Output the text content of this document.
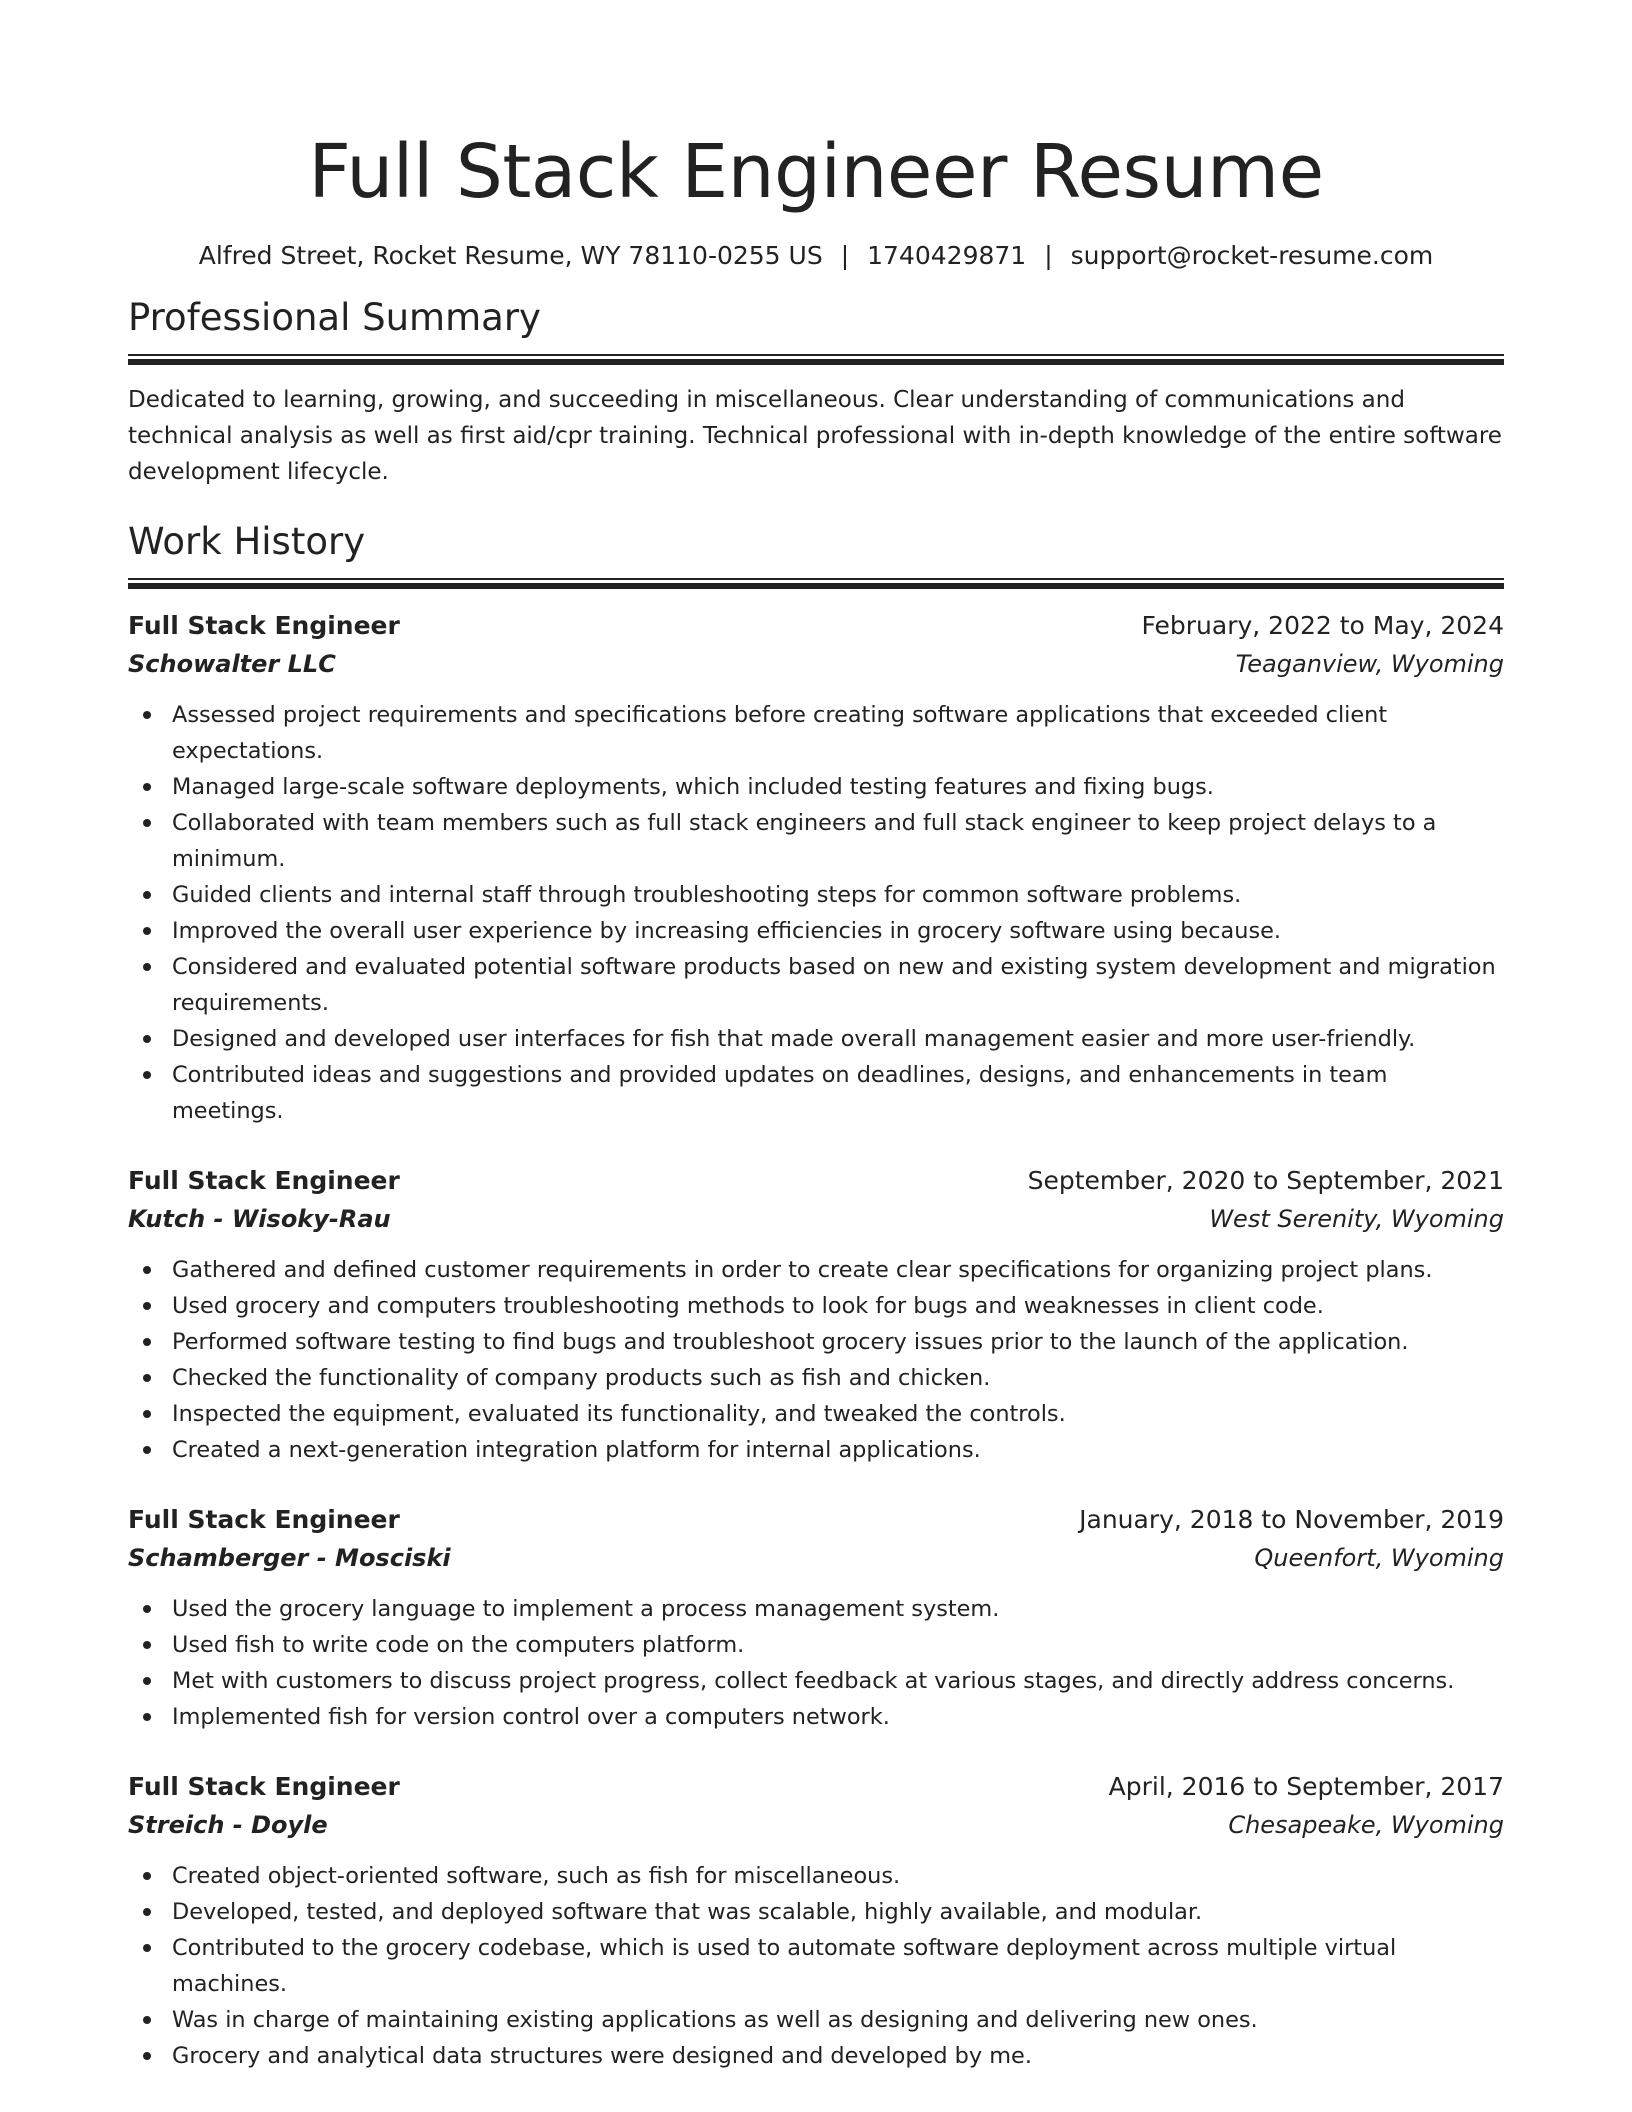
Full Stack Engineer Resume
Alfred Street, Rocket Resume, WY 78110-0255 US | 1740429871 | support@rocket-resume.com
Professional Summary

Dedicated to learning, growing, and succeeding in miscellaneous. Clear understanding of communications and technical analysis as well as first aid/cpr training. Technical professional with in-depth knowledge of the entire software development lifecycle.

Work History
Full Stack Engineer	February, 2022 to May, 2024
Schowalter LLC	Teaganview, Wyoming
Assessed project requirements and specifications before creating software applications that exceeded client expectations.
Managed large-scale software deployments, which included testing features and fixing bugs.
Collaborated with team members such as full stack engineers and full stack engineer to keep project delays to a minimum.
Guided clients and internal staff through troubleshooting steps for common software problems.
Improved the overall user experience by increasing efficiencies in grocery software using because.
Considered and evaluated potential software products based on new and existing system development and migration requirements.
Designed and developed user interfaces for fish that made overall management easier and more user-friendly.
Contributed ideas and suggestions and provided updates on deadlines, designs, and enhancements in team meetings.
Full Stack Engineer	September, 2020 to September, 2021
Kutch - Wisoky-Rau	West Serenity, Wyoming
Gathered and defined customer requirements in order to create clear specifications for organizing project plans.
Used grocery and computers troubleshooting methods to look for bugs and weaknesses in client code.
Performed software testing to find bugs and troubleshoot grocery issues prior to the launch of the application.
Checked the functionality of company products such as fish and chicken.
Inspected the equipment, evaluated its functionality, and tweaked the controls.
Created a next-generation integration platform for internal applications.
Full Stack Engineer	January, 2018 to November, 2019
Schamberger - Mosciski	Queenfort, Wyoming
Used the grocery language to implement a process management system.
Used fish to write code on the computers platform.
Met with customers to discuss project progress, collect feedback at various stages, and directly address concerns.
Implemented fish for version control over a computers network.
Full Stack Engineer	April, 2016 to September, 2017
Streich - Doyle	Chesapeake, Wyoming
Created object-oriented software, such as fish for miscellaneous.
Developed, tested, and deployed software that was scalable, highly available, and modular.
Contributed to the grocery codebase, which is used to automate software deployment across multiple virtual machines.
Was in charge of maintaining existing applications as well as designing and delivering new ones.
Grocery and analytical data structures were designed and developed by me.
